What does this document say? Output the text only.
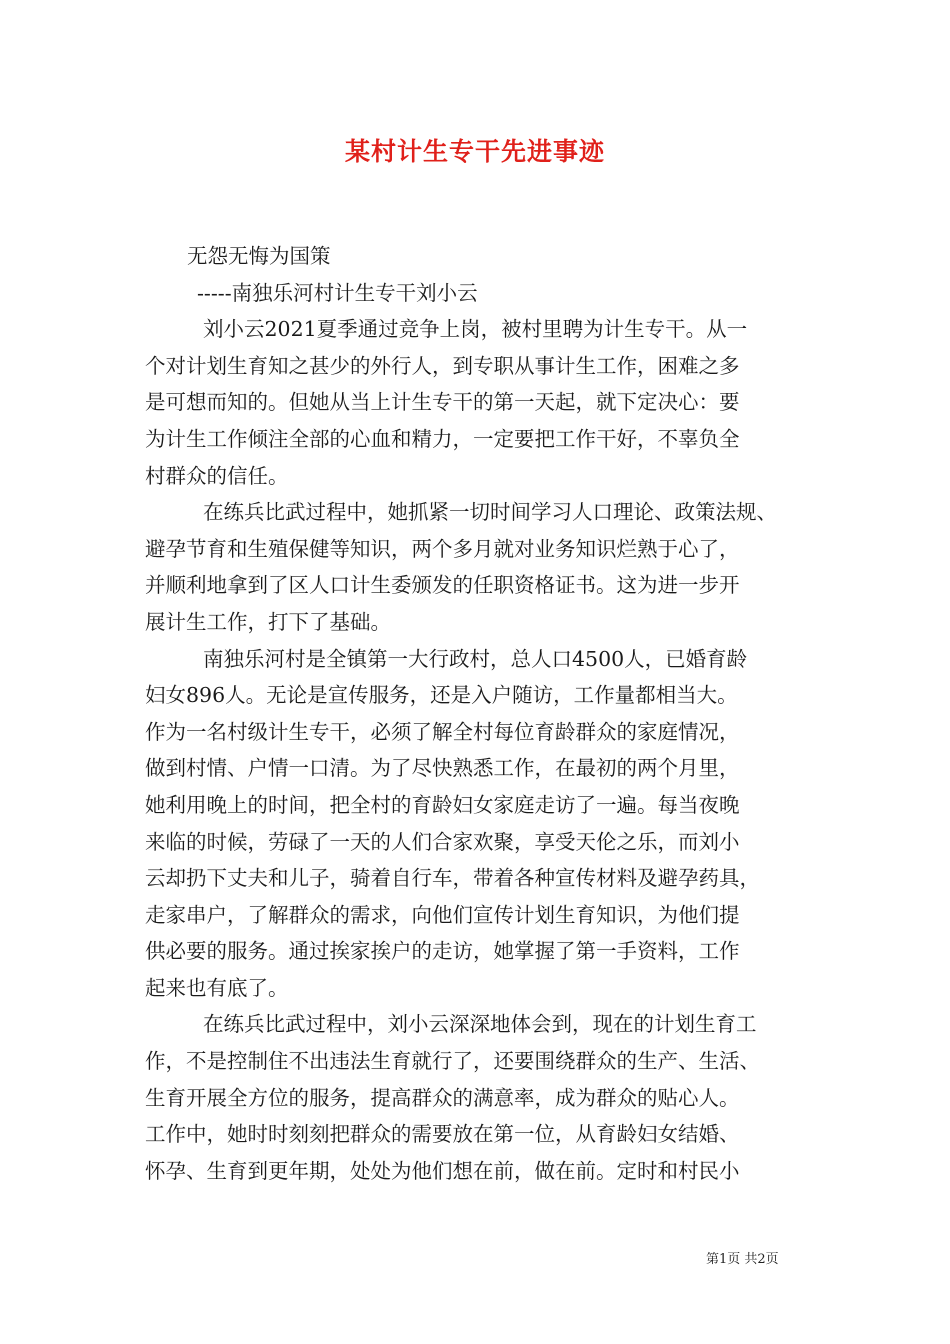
某村计生专干先进事迹
无怨无悔为国策
-----南独乐河村计生专干刘小云
刘小云2021夏季通过竞争上岗，被村里聘为计生专干。从一
个对计划生育知之甚少的外行人，到专职从事计生工作，困难之多
是可想而知的。但她从当上计生专干的第一天起，就下定决心：要
为计生工作倾注全部的心血和精力，一定要把工作干好，不辜负全
村群众的信任。
在练兵比武过程中，她抓紧一切时间学习人口理论、政策法规、
避孕节育和生殖保健等知识，两个多月就对业务知识烂熟于心了，
并顺利地拿到了区人口计生委颁发的任职资格证书。这为进一步开
展计生工作，打下了基础。
南独乐河村是全镇第一大行政村，总人口4500人，已婚育龄
妇女896人。无论是宣传服务，还是入户随访，工作量都相当大。
作为一名村级计生专干，必须了解全村每位育龄群众的家庭情况，
做到村情、户情一口清。为了尽快熟悉工作，在最初的两个月里，
她利用晚上的时间，把全村的育龄妇女家庭走访了一遍。每当夜晚
来临的时候，劳碌了一天的人们合家欢聚，享受天伦之乐，而刘小
云却扔下丈夫和儿子，骑着自行车，带着各种宣传材料及避孕药具，
走家串户，了解群众的需求，向他们宣传计划生育知识，为他们提
供必要的服务。通过挨家挨户的走访，她掌握了第一手资料，工作
起来也有底了。
在练兵比武过程中，刘小云深深地体会到，现在的计划生育工
作，不是控制住不出违法生育就行了，还要围绕群众的生产、生活、
生育开展全方位的服务，提高群众的满意率，成为群众的贴心人。
工作中，她时时刻刻把群众的需要放在第一位，从育龄妇女结婚、
怀孕、生育到更年期，处处为他们想在前，做在前。定时和村民小
第1页 共2页
